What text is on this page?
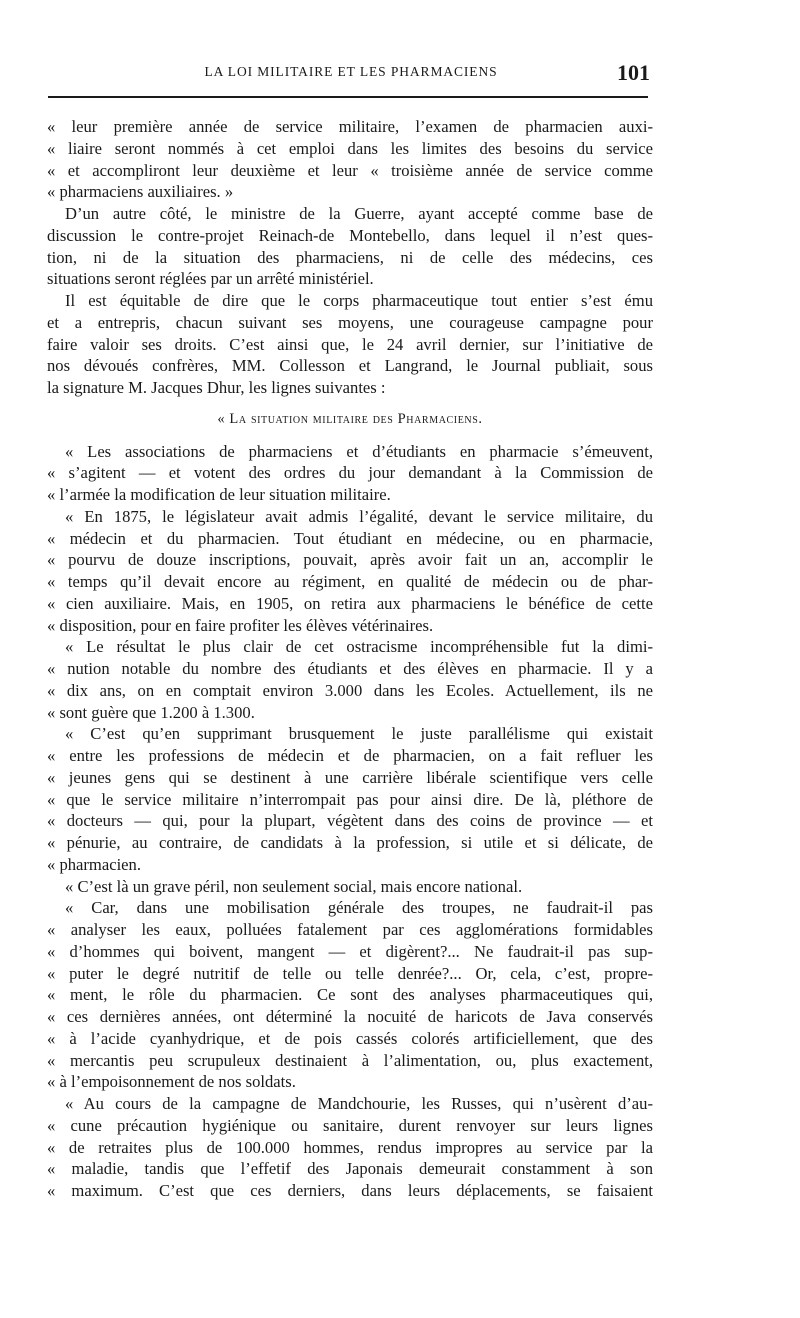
LA LOI MILITAIRE ET LES PHARMACIENS	101
« leur première année de service militaire, l’examen de pharmacien auxi-
« liaire seront nommés à cet emploi dans les limites des besoins du service
« et accompliront leur deuxième et leur « troisième année de service comme
« pharmaciens auxiliaires. »
D’un autre côté, le ministre de la Guerre, ayant accepté comme base de
discussion le contre-projet Reinach-de Montebello, dans lequel il n’est ques-
tion, ni de la situation des pharmaciens, ni de celle des médecins, ces
situations seront réglées par un arrêté ministériel.
Il est équitable de dire que le corps pharmaceutique tout entier s’est ému
et a entrepris, chacun suivant ses moyens, une courageuse campagne pour
faire valoir ses droits. C’est ainsi que, le 24 avril dernier, sur l’initiative de
nos dévoués confrères, MM. Collesson et Langrand, le Journal publiait, sous
la signature M. Jacques Dhur, les lignes suivantes :
« La situation militaire des Pharmaciens.
« Les associations de pharmaciens et d’étudiants en pharmacie s’émeuvent,
« s’agitent — et votent des ordres du jour demandant à la Commission de
« l’armée la modification de leur situation militaire.
« En 1875, le législateur avait admis l’égalité, devant le service militaire, du
« médecin et du pharmacien. Tout étudiant en médecine, ou en pharmacie,
« pourvu de douze inscriptions, pouvait, après avoir fait un an, accomplir le
« temps qu’il devait encore au régiment, en qualité de médecin ou de phar-
« cien auxiliaire. Mais, en 1905, on retira aux pharmaciens le bénéfice de cette
« disposition, pour en faire profiter les élèves vétérinaires.
« Le résultat le plus clair de cet ostracisme incompréhensible fut la dimi-
« nution notable du nombre des étudiants et des élèves en pharmacie. Il y a
« dix ans, on en comptait environ 3.000 dans les Ecoles. Actuellement, ils ne
« sont guère que 1.200 à 1.300.
« C’est qu’en supprimant brusquement le juste parallélisme qui existait
« entre les professions de médecin et de pharmacien, on a fait refluer les
« jeunes gens qui se destinent à une carrière libérale scientifique vers celle
« que le service militaire n’interrompait pas pour ainsi dire. De là, pléthore de
« docteurs — qui, pour la plupart, végètent dans des coins de province — et
« pénurie, au contraire, de candidats à la profession, si utile et si délicate, de
« pharmacien.
« C’est là un grave péril, non seulement social, mais encore national.
« Car, dans une mobilisation générale des troupes, ne faudrait-il pas
« analyser les eaux, polluées fatalement par ces agglomérations formidables
« d’hommes qui boivent, mangent — et digèrent?... Ne faudrait-il pas sup-
« puter le degré nutritif de telle ou telle denrée?... Or, cela, c’est, propre-
« ment, le rôle du pharmacien. Ce sont des analyses pharmaceutiques qui,
« ces dernières années, ont déterminé la nocuité de haricots de Java conservés
« à l’acide cyanhydrique, et de pois cassés colorés artificiellement, que des
« mercantis peu scrupuleux destinaient à l’alimentation, ou, plus exactement,
« à l’empoisonnement de nos soldats.
« Au cours de la campagne de Mandchourie, les Russes, qui n’usèrent d’au-
« cune précaution hygiénique ou sanitaire, durent renvoyer sur leurs lignes
« de retraites plus de 100.000 hommes, rendus impropres au service par la
« maladie, tandis que l’effetif des Japonais demeurait constamment à son
« maximum. C’est que ces derniers, dans leurs déplacements, se faisaient
